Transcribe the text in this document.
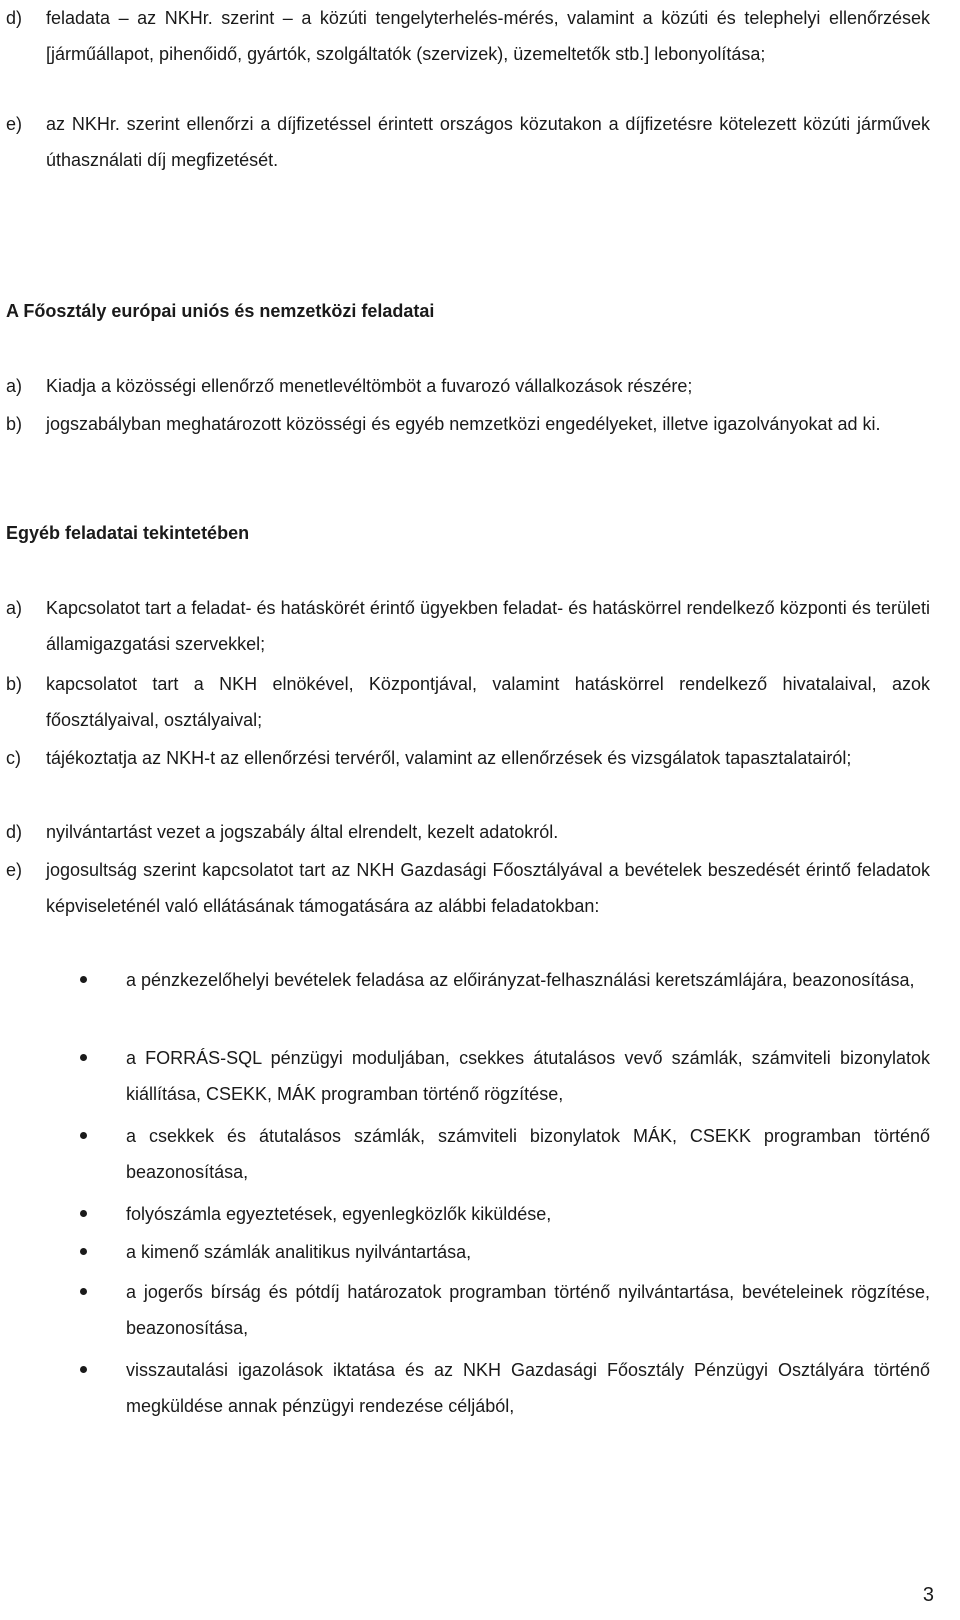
d)	feladata – az NKHr. szerint – a közúti tengelyterhelés-mérés, valamint a közúti és telephelyi ellenőrzések [járműállapot, pihenőidő, gyártók, szolgáltatók (szervizek), üzemeltetők stb.] lebonyolítása;
e)	az NKHr. szerint ellenőrzi a díjfizetéssel érintett országos közutakon a díjfizetésre kötelezett közúti járművek úthasználati díj megfizetését.
A Főosztály európai uniós és nemzetközi feladatai
a)	Kiadja a közösségi ellenőrző menetlevéltömböt a fuvarozó vállalkozások részére;
b)	jogszabályban meghatározott közösségi és egyéb nemzetközi engedélyeket, illetve igazolványokat ad ki.
Egyéb feladatai tekintetében
a)	Kapcsolatot tart a feladat- és hatáskörét érintő ügyekben feladat- és hatáskörrel rendelkező központi és területi államigazgatási szervekkel;
b)	kapcsolatot tart a NKH elnökével, Központjával, valamint hatáskörrel rendelkező hivatalaival, azok főosztályaival, osztályaival;
c)	tájékoztatja az NKH-t az ellenőrzési tervéről, valamint az ellenőrzések és vizsgálatok tapasztalatairól;
d)	nyilvántartást vezet a jogszabály által elrendelt, kezelt adatokról.
e)	jogosultság szerint kapcsolatot tart az NKH Gazdasági Főosztályával a bevételek beszedését érintő feladatok képviseleténél való ellátásának támogatására az alábbi feladatokban:
a pénzkezelőhelyi bevételek feladása az előirányzat-felhasználási keretszámlájára, beazonosítása,
a FORRÁS-SQL pénzügyi moduljában, csekkes átutalásos vevő számlák, számviteli bizonylatok kiállítása, CSEKK, MÁK programban történő rögzítése,
a csekkek és átutalásos számlák, számviteli bizonylatok MÁK, CSEKK programban történő beazonosítása,
folyószámla egyeztetések, egyenlegközlők kiküldése,
a kimenő számlák analitikus nyilvántartása,
a jogerős bírság és pótdíj határozatok programban történő nyilvántartása, bevételeinek rögzítése, beazonosítása,
visszautalási igazolások iktatása és az NKH Gazdasági Főosztály Pénzügyi Osztályára történő megküldése annak pénzügyi rendezése céljából,
3
